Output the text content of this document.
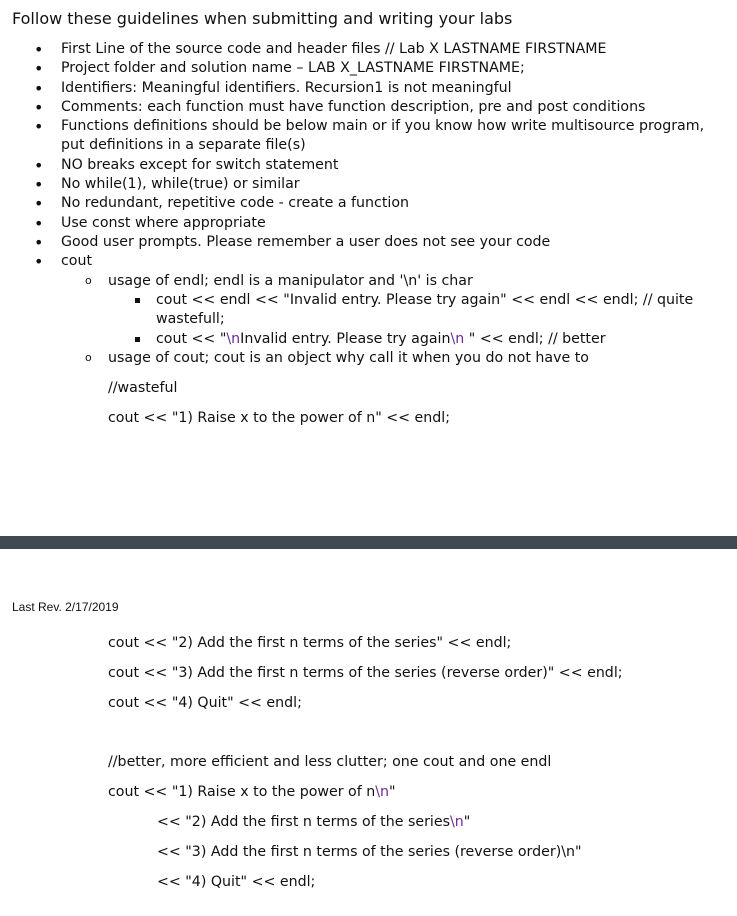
Follow these guidelines when submitting and writing your labs
• First Line of the source code and header files // Lab X LASTNAME FIRSTNAME
• Project folder and solution name – LAB X_LASTNAME FIRSTNAME;
• Identifiers: Meaningful identifiers. Recursion1 is not meaningful
• Comments: each function must have function description, pre and post conditions
• Functions definitions should be below main or if you know how write multisource program, put definitions in a separate file(s)
• NO breaks except for switch statement
• No while(1), while(true) or similar
• No redundant, repetitive code - create a function
• Use const where appropriate
• Good user prompts. Please remember a user does not see your code
• cout
o usage of endl; endl is a manipulator and '\n' is char
cout << endl << "Invalid entry. Please try again" << endl << endl; // quite
wastefull;
cout << "\nInvalid entry. Please try again\n " << endl; // better
o usage of cout; cout is an object why call it when you do not have to
//wasteful
cout << "1) Raise x to the power of n" << endl;
Last Rev. 2/17/2019
cout << "2) Add the first n terms of the series" << endl;
cout << "3) Add the first n terms of the series (reverse order)" << endl;
cout << "4) Quit" << endl;
//better, more efficient and less clutter; one cout and one endl
cout << "1) Raise x to the power of n\n"
<< "2) Add the first n terms of the series\n"
<< "3) Add the first n terms of the series (reverse order)\n"
<< "4) Quit" << endl;
